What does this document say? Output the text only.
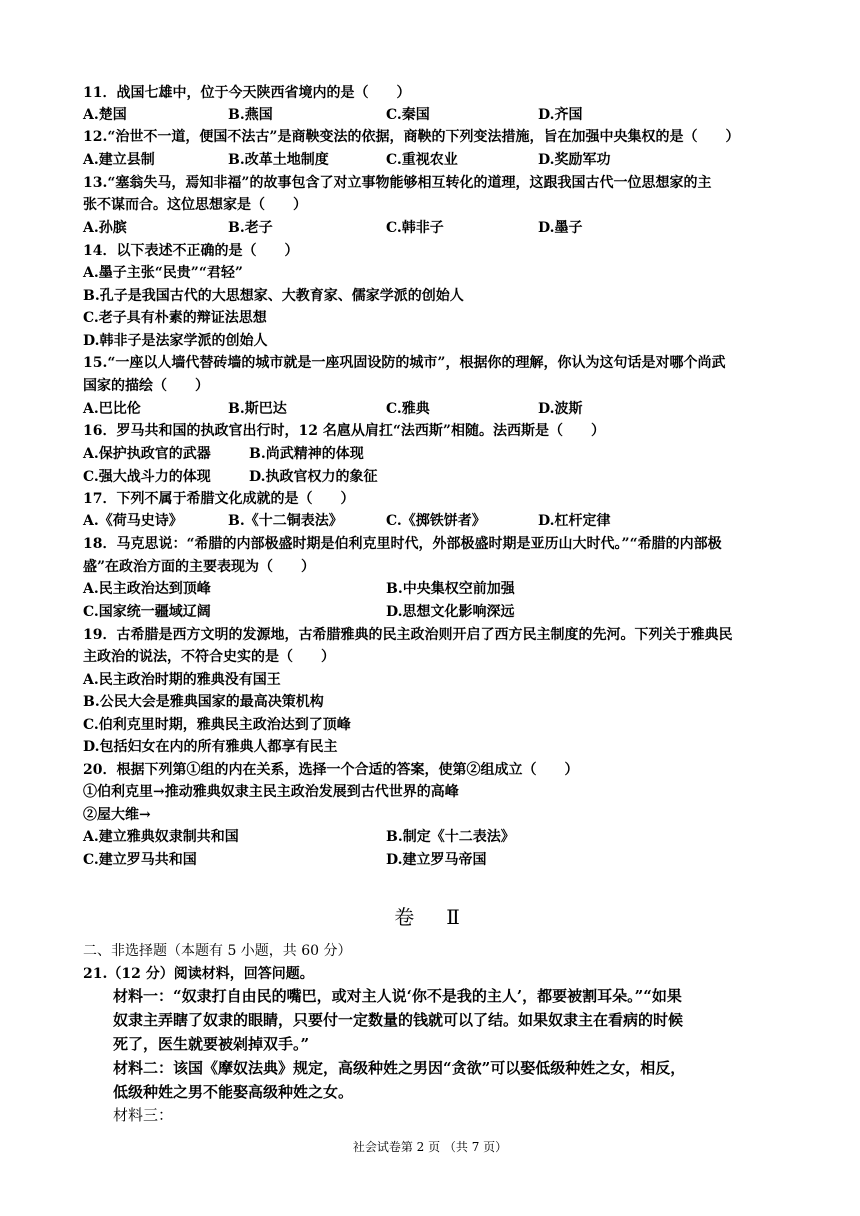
11．战国七雄中，位于今天陕西省境内的是（　　）
A.楚国	B.燕国	C.秦国	D.齐国
12.“治世不一道，便国不法古”是商鞅变法的依据，商鞅的下列变法措施，旨在加强中央集权的是（　　）
A.建立县制	B.改革土地制度	C.重视农业	D.奖励军功
13.“塞翁失马，焉知非福”的故事包含了对立事物能够相互转化的道理，这跟我国古代一位思想家的主
张不谋而合。这位思想家是（　　）
A.孙膑	B.老子	C.韩非子	D.墨子
14．以下表述不正确的是（　　）
A.墨子主张“民贵”“君轻”
B.孔子是我国古代的大思想家、大教育家、儒家学派的创始人
C.老子具有朴素的辩证法思想
D.韩非子是法家学派的创始人
15.“一座以人墙代替砖墙的城市就是一座巩固设防的城市”，根据你的理解，你认为这句话是对哪个尚武
国家的描绘（　　）
A.巴比伦	B.斯巴达	C.雅典	D.波斯
16．罗马共和国的执政官出行时，12 名扈从肩扛“法西斯”相随。法西斯是（　　）
A.保护执政官的武器	B.尚武精神的体现
C.强大战斗力的体现	D.执政官权力的象征
17．下列不属于希腊文化成就的是（　　）
A.《荷马史诗》	B.《十二铜表法》	C.《掷铁饼者》	D.杠杆定律
18．马克思说：“希腊的内部极盛时期是伯利克里时代，外部极盛时期是亚历山大时代。”“希腊的内部极
盛”在政治方面的主要表现为（　　）
A.民主政治达到顶峰	B.中央集权空前加强
C.国家统一疆域辽阔	D.思想文化影响深远
19．古希腊是西方文明的发源地，古希腊雅典的民主政治则开启了西方民主制度的先河。下列关于雅典民
主政治的说法，不符合史实的是（　　）
A.民主政治时期的雅典没有国王
B.公民大会是雅典国家的最高决策机构
C.伯利克里时期，雅典民主政治达到了顶峰
D.包括妇女在内的所有雅典人都享有民主
20．根据下列第①组的内在关系，选择一个合适的答案，使第②组成立（　　）
①伯利克里→推动雅典奴隶主民主政治发展到古代世界的高峰
②屋大维→
A.建立雅典奴隶制共和国	B.制定《十二表法》
C.建立罗马共和国	D.建立罗马帝国
卷　Ⅱ
二、非选择题（本题有 5 小题，共 60 分）
21.（12 分）阅读材料，回答问题。
材料一：“奴隶打自由民的嘴巴，或对主人说‘你不是我的主人’，都要被割耳朵。”“如果
奴隶主弄瞎了奴隶的眼睛，只要付一定数量的钱就可以了结。如果奴隶主在看病的时候
死了，医生就要被剁掉双手。”
材料二：该国《摩奴法典》规定，高级种姓之男因“贪欲”可以娶低级种姓之女，相反，
低级种姓之男不能娶高级种姓之女。
材料三：
社会试卷第 2 页 （共 7 页）
